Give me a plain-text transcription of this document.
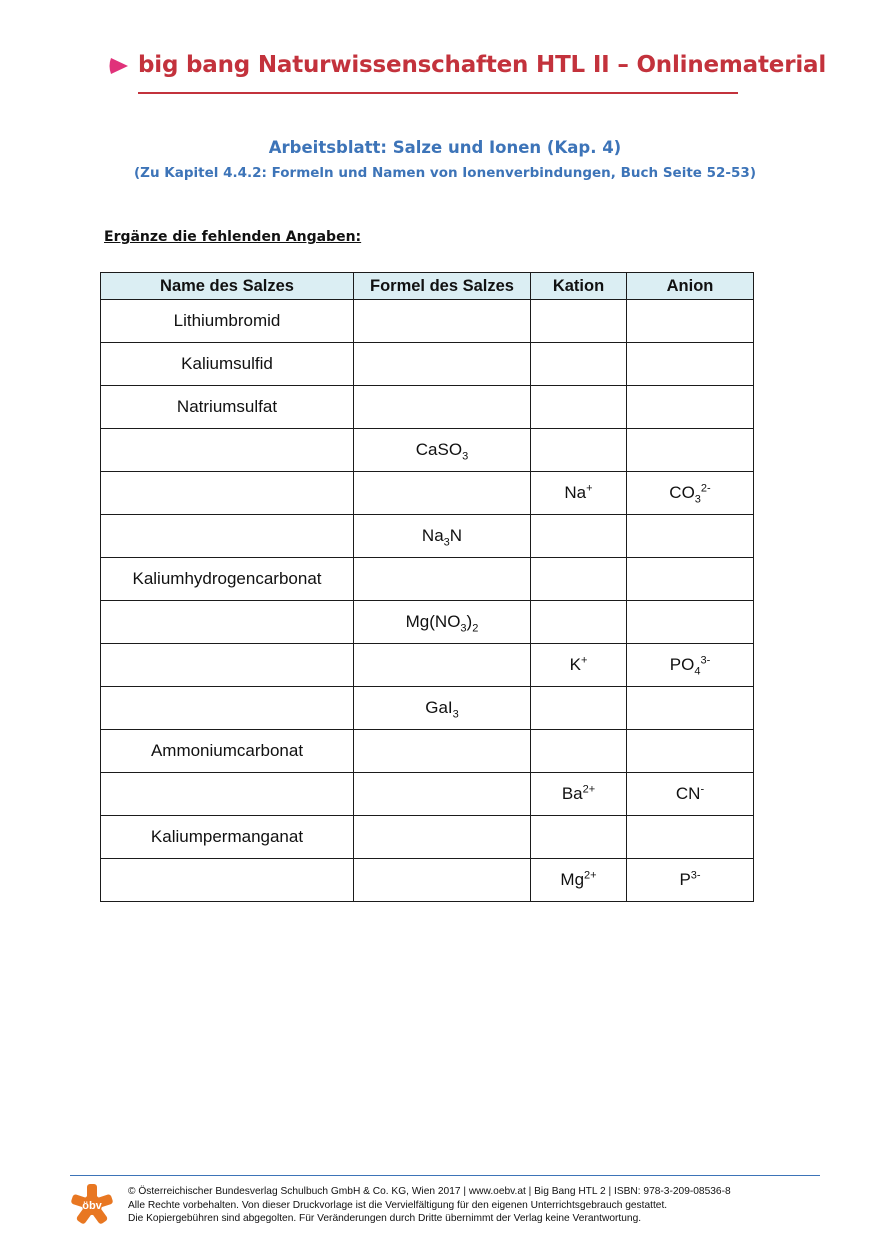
big bang Naturwissenschaften HTL II – Onlinematerial
Arbeitsblatt: Salze und Ionen (Kap. 4)
(Zu Kapitel 4.4.2: Formeln und Namen von Ionenverbindungen, Buch Seite 52-53)
Ergänze die fehlenden Angaben:
Name des Salzes	Formel des Salzes	Kation	Anion
Lithiumbromid			
Kaliumsulfid			
Natriumsulfat			
	CaSO$_3$		
		Na+	$CO_3^{2-}$
	$Na_3N$		
Kaliumhydrogencarbonat			
	$Mg(NO_3)_2$		
		K+	$PO_4^{3-}$
	GaI$_3$		
Ammoniumcarbonat			
		$Ba^{2+}$	CN-
Kaliumpermanganat			
		$Mg^{2+}$	$P^{3-}$
öbv
© Österreichischer Bundesverlag Schulbuch GmbH & Co. KG, Wien 2017 | www.oebv.at | Big Bang HTL 2 | ISBN: 978-3-209-08536-8
Alle Rechte vorbehalten. Von dieser Druckvorlage ist die Vervielfältigung für den eigenen Unterrichtsgebrauch gestattet.
Die Kopiergebühren sind abgegolten. Für Veränderungen durch Dritte übernimmt der Verlag keine Verantwortung.
